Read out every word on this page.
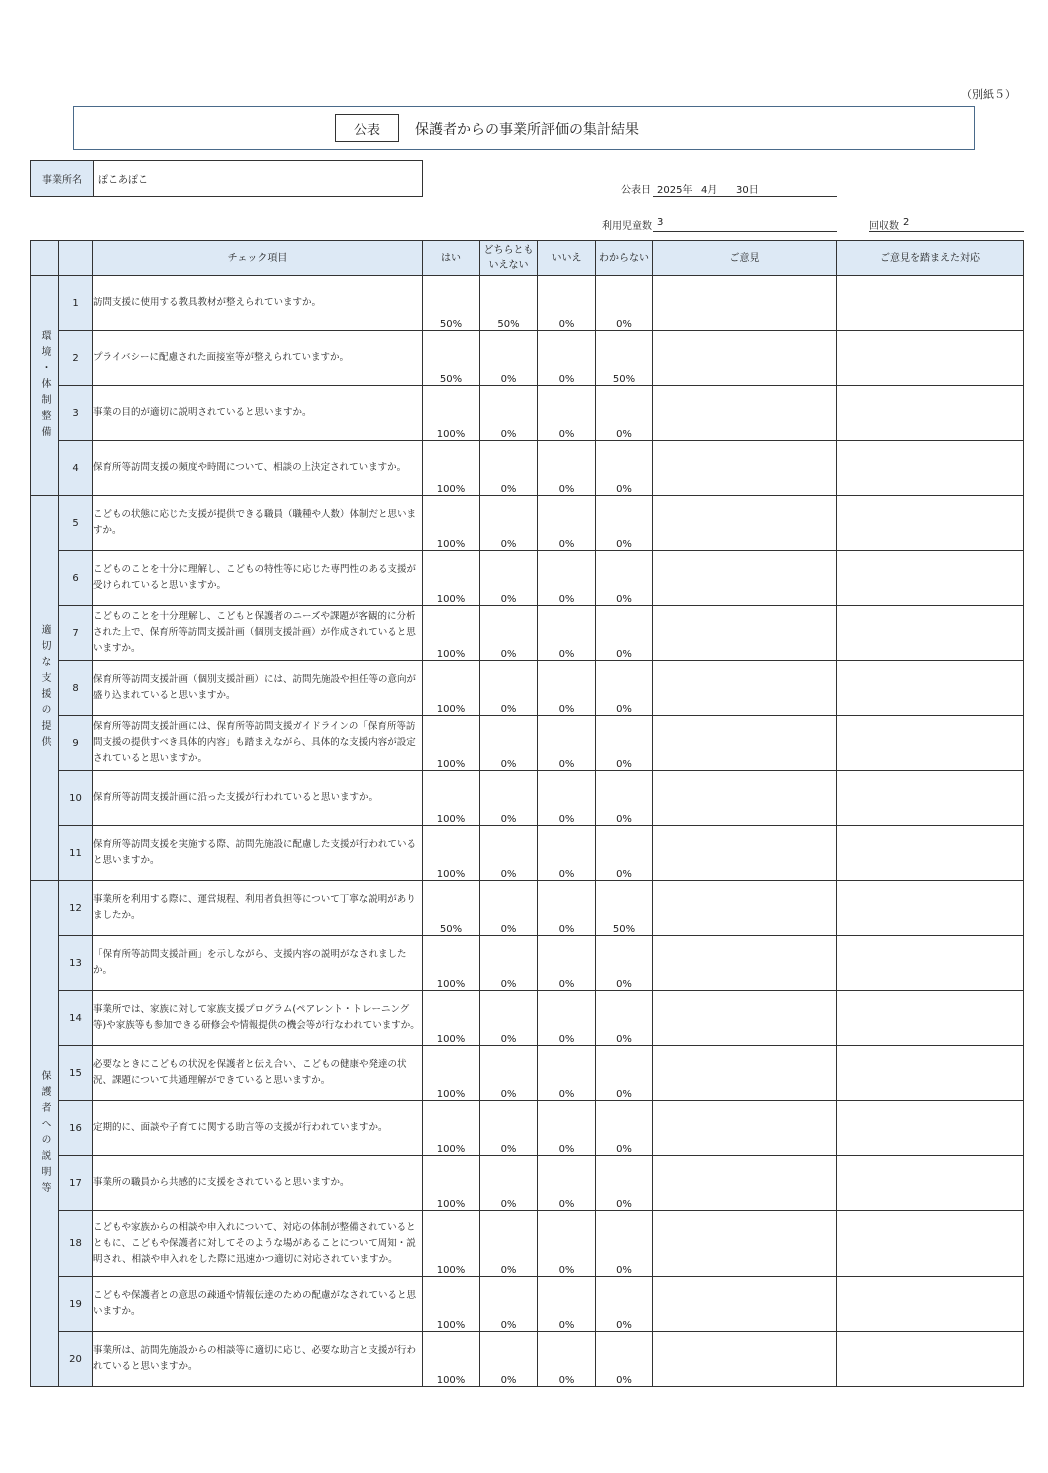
（別紙５）
公表	保護者からの事業所評価の集計結果
事業所名	ぽこあぽこ
公表日 2025年 4月 30日
利用児童数 3	回収数 2
		チェック項目	はい	どちらとも
いえない	いいえ	わからない	ご意見	ご意見を踏まえた対応
環境・体制整備	1	訪問支援に使用する教具教材が整えられていますか。	50%	50%	0%	0%		
	2	プライバシーに配慮された面接室等が整えられていますか。	50%	0%	0%	50%		
	3	事業の目的が適切に説明されていると思いますか。	100%	0%	0%	0%		
	4	保育所等訪問支援の頻度や時間について、相談の上決定されていますか。	100%	0%	0%	0%		
適切な支援の提供	5	こどもの状態に応じた支援が提供できる職員（職種や人数）体制だと思いますか。	100%	0%	0%	0%		
	6	こどものことを十分に理解し、こどもの特性等に応じた専門性のある支援が受けられていると思いますか。	100%	0%	0%	0%		
	7	こどものことを十分理解し、こどもと保護者のニーズや課題が客観的に分析された上で、保育所等訪問支援計画（個別支援計画）が作成されていると思いますか。	100%	0%	0%	0%		
	8	保育所等訪問支援計画（個別支援計画）には、訪問先施設や担任等の意向が盛り込まれていると思いますか。	100%	0%	0%	0%		
	9	保育所等訪問支援計画には、保育所等訪問支援ガイドラインの「保育所等訪問支援の提供すべき具体的内容」も踏まえながら、具体的な支援内容が設定されていると思いますか。	100%	0%	0%	0%		
	10	保育所等訪問支援計画に沿った支援が行われていると思いますか。	100%	0%	0%	0%		
	11	保育所等訪問支援を実施する際、訪問先施設に配慮した支援が行われていると思いますか。	100%	0%	0%	0%		
保護者への説明等	12	事業所を利用する際に、運営規程、利用者負担等について丁寧な説明がありましたか。	50%	0%	0%	50%		
	13	「保育所等訪問支援計画」を示しながら、支援内容の説明がなされましたか。	100%	0%	0%	0%		
	14	事業所では、家族に対して家族支援プログラム(ペアレント・トレーニング等)や家族等も参加できる研修会や情報提供の機会等が行なわれていますか。	100%	0%	0%	0%		
	15	必要なときにこどもの状況を保護者と伝え合い、こどもの健康や発達の状況、課題について共通理解ができていると思いますか。	100%	0%	0%	0%		
	16	定期的に、面談や子育てに関する助言等の支援が行われていますか。	100%	0%	0%	0%		
	17	事業所の職員から共感的に支援をされていると思いますか。	100%	0%	0%	0%		
	18	こどもや家族からの相談や申入れについて、対応の体制が整備されているとともに、こどもや保護者に対してそのような場があることについて周知・説明され、相談や申入れをした際に迅速かつ適切に対応されていますか。	100%	0%	0%	0%		
	19	こどもや保護者との意思の疎通や情報伝達のための配慮がなされていると思いますか。	100%	0%	0%	0%		
	20	事業所は、訪問先施設からの相談等に適切に応じ、必要な助言と支援が行われていると思いますか。	100%	0%	0%	0%		
